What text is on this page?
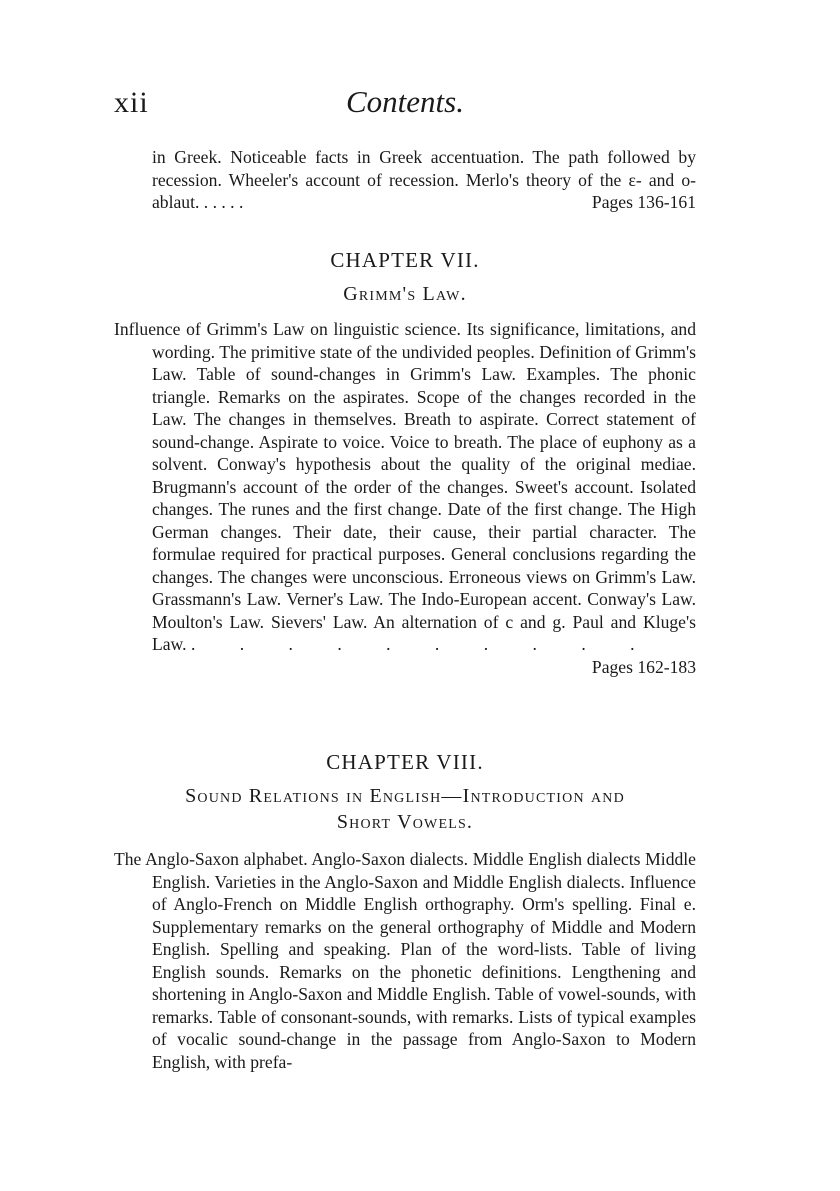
xii	Contents.

in Greek. Noticeable facts in Greek accentuation. The path followed by recession. Wheeler's account of recession. Merlo's theory of the ε- and ο- ablaut. . . . . .	Pages 136-161

CHAPTER VII.
Grimm's Law.

Influence of Grimm's Law on linguistic science. Its significance, limitations, and wording. The primitive state of the undivided peoples. Definition of Grimm's Law. Table of sound-changes in Grimm's Law. Examples. The phonic triangle. Remarks on the aspirates. Scope of the changes recorded in the Law. The changes in themselves. Breath to aspirate. Correct statement of sound-change. Aspirate to voice. Voice to breath. The place of euphony as a solvent. Conway's hypothesis about the quality of the original mediae. Brugmann's account of the order of the changes. Sweet's account. Isolated changes. The runes and the first change. Date of the first change. The High German changes. Their date, their cause, their partial character. The formulae required for practical purposes. General conclusions regarding the changes. The changes were unconscious. Erroneous views on Grimm's Law. Grassmann's Law. Verner's Law. The Indo-European accent. Conway's Law. Moulton's Law. Sievers' Law. An alternation of c and g. Paul and Kluge's Law. . . . . . . . . . .
Pages 162-183

CHAPTER VIII.
Sound Relations in English—Introduction and
Short Vowels.

The Anglo-Saxon alphabet. Anglo-Saxon dialects. Middle English dialects Middle English. Varieties in the Anglo-Saxon and Middle English dialects. Influence of Anglo-French on Middle English orthography. Orm's spelling. Final e. Supplementary remarks on the general orthography of Middle and Modern English. Spelling and speaking. Plan of the word-lists. Table of living English sounds. Remarks on the phonetic definitions. Lengthening and shortening in Anglo-Saxon and Middle English. Table of vowel-sounds, with remarks. Table of consonant-sounds, with remarks. Lists of typical examples of vocalic sound-change in the passage from Anglo-Saxon to Modern English, with prefa-
